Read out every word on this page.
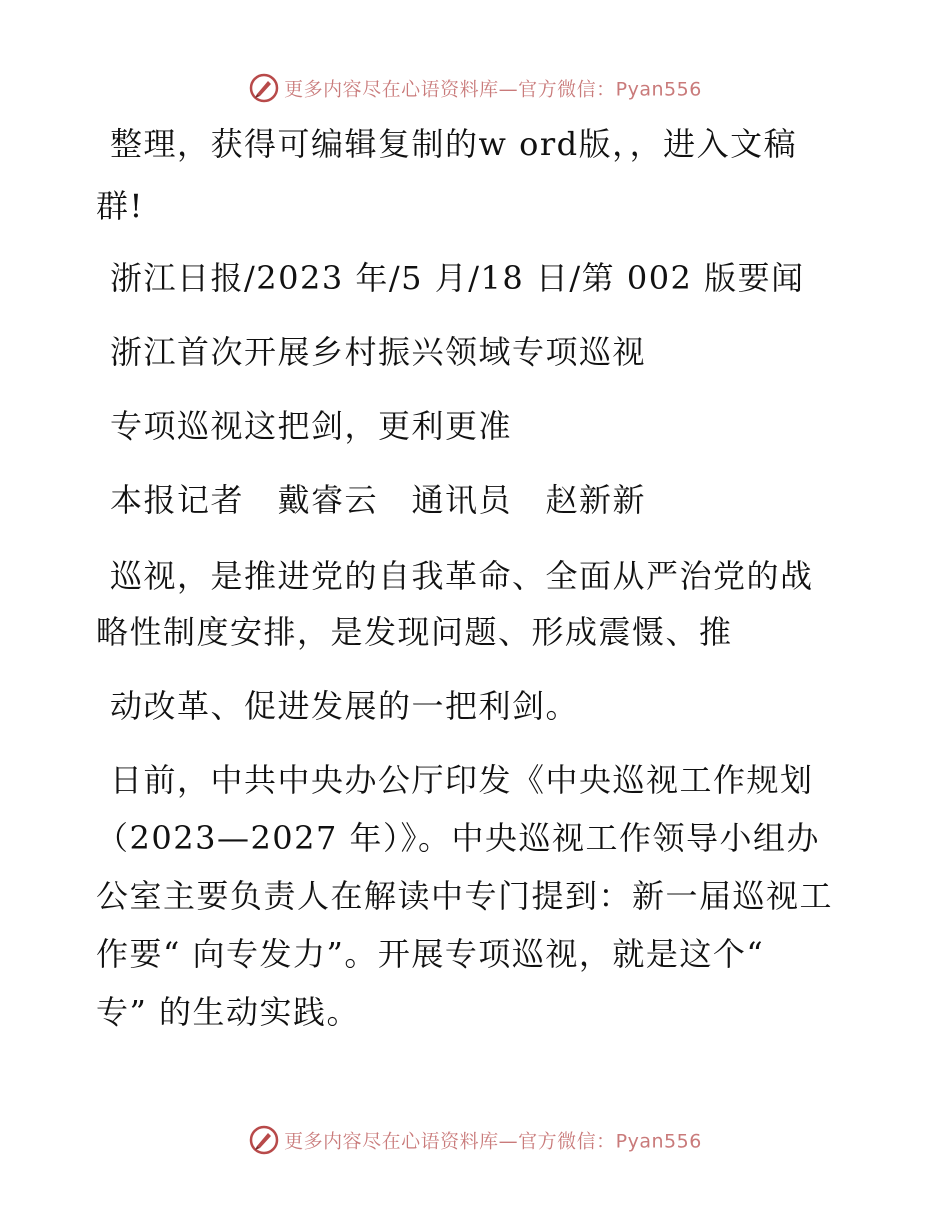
更多内容尽在心语资料库—官方微信：Pyan556
整理，获得可编辑复制的w ord版，，进入文稿
群!
浙江日报/2023 年/5 月/18 日/第 002 版要闻
浙江首次开展乡村振兴领域专项巡视
专项巡视这把剑，更利更准
本报记者　戴睿云　通讯员　赵新新
巡视，是推进党的自我革命、全面从严治党的战
略性制度安排，是发现问题、形成震慑、推
动改革、促进发展的一把利剑。
日前，中共中央办公厅印发《中央巡视工作规划
（2023—2027 年）》。中央巡视工作领导小组办
公室主要负责人在解读中专门提到：新一届巡视工
作要“ 向专发力”。开展专项巡视，就是这个“
专” 的生动实践。
更多内容尽在心语资料库—官方微信：Pyan556
